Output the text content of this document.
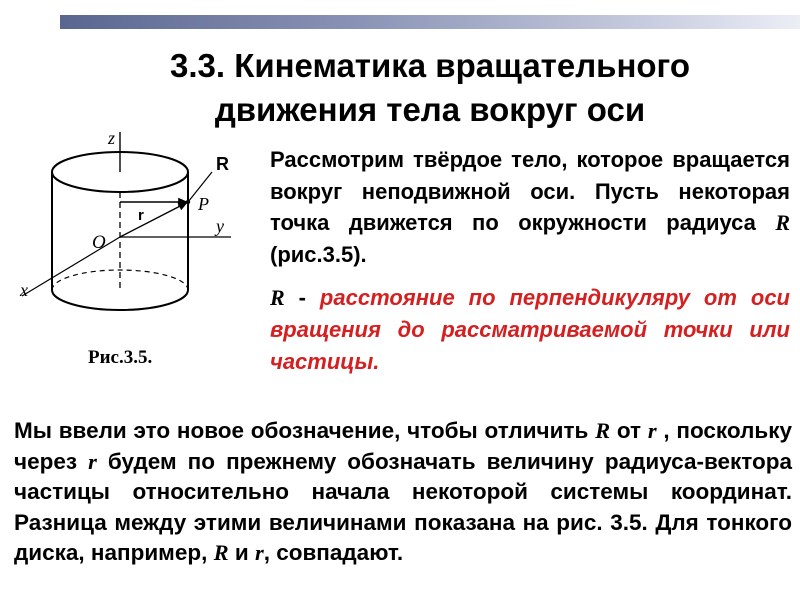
3.3. Кинематика вращательного
движения тела вокруг оси
z
R
r
P
O
y
x
Рис.3.5.
Рассмотрим твёрдое тело, которое вращается вокруг неподвижной оси. Пусть некоторая точка движется по окружности радиуса R (рис.3.5).
R - расстояние по перпендикуляру от оси вращения до рассматриваемой точки или частицы.
Мы ввели это новое обозначение, чтобы отличить R от r , поскольку через r будем по прежнему обозначать величину радиуса-вектора частицы относительно начала некоторой системы координат. Разница между этими величинами показана на рис. 3.5. Для тонкого диска, например, R и r, совпадают.
